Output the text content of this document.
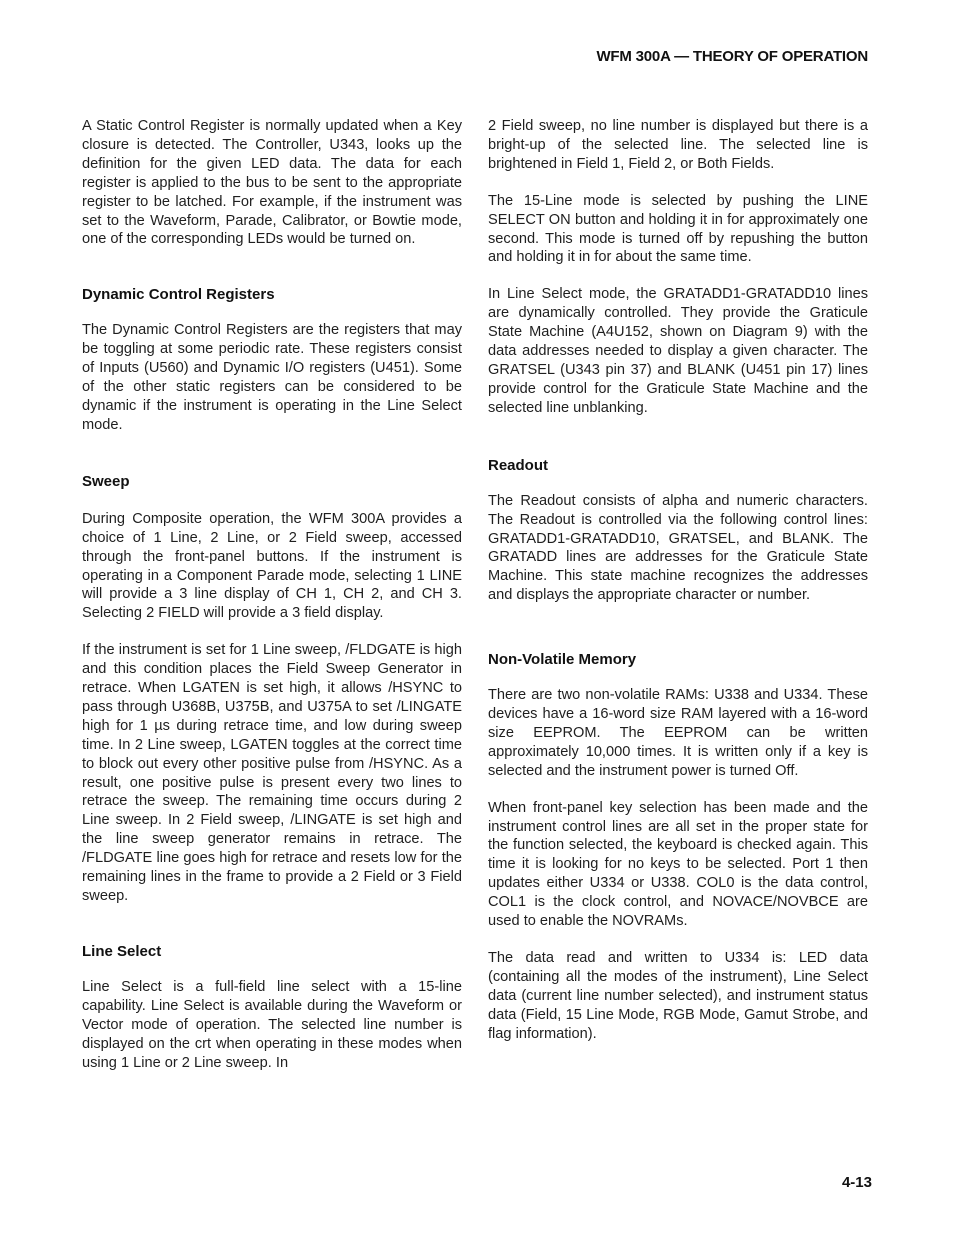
WFM 300A — THEORY OF OPERATION

A Static Control Register is normally updated when a Key closure is detected. The Controller, U343, looks up the definition for the given LED data. The data for each register is applied to the bus to be sent to the appropriate register to be latched. For example, if the instrument was set to the Waveform, Parade, Calibrator, or Bowtie mode, one of the corresponding LEDs would be turned on.

Dynamic Control Registers

The Dynamic Control Registers are the registers that may be toggling at some periodic rate. These registers consist of Inputs (U560) and Dynamic I/O registers (U451). Some of the other static registers can be considered to be dynamic if the instrument is operating in the Line Select mode.

Sweep

During Composite operation, the WFM 300A provides a choice of 1 Line, 2 Line, or 2 Field sweep, accessed through the front-panel buttons. If the instrument is operating in a Component Parade mode, selecting 1 LINE will provide a 3 line display of CH 1, CH 2, and CH 3. Selecting 2 FIELD will provide a 3 field display.

If the instrument is set for 1 Line sweep, /FLDGATE is high and this condition places the Field Sweep Generator in retrace. When LGATEN is set high, it allows /HSYNC to pass through U368B, U375B, and U375A to set /LINGATE high for 1 µs during retrace time, and low during sweep time. In 2 Line sweep, LGATEN toggles at the correct time to block out every other positive pulse from /HSYNC. As a result, one positive pulse is present every two lines to retrace the sweep. The remaining time occurs during 2 Line sweep. In 2 Field sweep, /LINGATE is set high and the line sweep generator remains in retrace. The /FLDGATE line goes high for retrace and resets low for the remaining lines in the frame to provide a 2 Field or 3 Field sweep.

Line Select

Line Select is a full-field line select with a 15-line capability. Line Select is available during the Waveform or Vector mode of operation. The selected line number is displayed on the crt when operating in these modes when using 1 Line or 2 Line sweep. In

2 Field sweep, no line number is displayed but there is a bright-up of the selected line. The selected line is brightened in Field 1, Field 2, or Both Fields.

The 15-Line mode is selected by pushing the LINE SELECT ON button and holding it in for approximately one second. This mode is turned off by repushing the button and holding it in for about the same time.

In Line Select mode, the GRATADD1-GRATADD10 lines are dynamically controlled. They provide the Graticule State Machine (A4U152, shown on Diagram 9) with the data addresses needed to display a given character. The GRATSEL (U343 pin 37) and BLANK (U451 pin 17) lines provide control for the Graticule State Machine and the selected line unblanking.

Readout

The Readout consists of alpha and numeric characters. The Readout is controlled via the following control lines: GRATADD1-GRATADD10, GRATSEL, and BLANK. The GRATADD lines are addresses for the Graticule State Machine. This state machine recognizes the addresses and displays the appropriate character or number.

Non-Volatile Memory

There are two non-volatile RAMs: U338 and U334. These devices have a 16-word size RAM layered with a 16-word size EEPROM. The EEPROM can be written approximately 10,000 times. It is written only if a key is selected and the instrument power is turned Off.

When front-panel key selection has been made and the instrument control lines are all set in the proper state for the function selected, the keyboard is checked again. This time it is looking for no keys to be selected. Port 1 then updates either U334 or U338. COL0 is the data control, COL1 is the clock control, and NOVACE/NOVBCE are used to enable the NOVRAMs.

The data read and written to U334 is: LED data (containing all the modes of the instrument), Line Select data (current line number selected), and instrument status data (Field, 15 Line Mode, RGB Mode, Gamut Strobe, and flag information).

4-13
